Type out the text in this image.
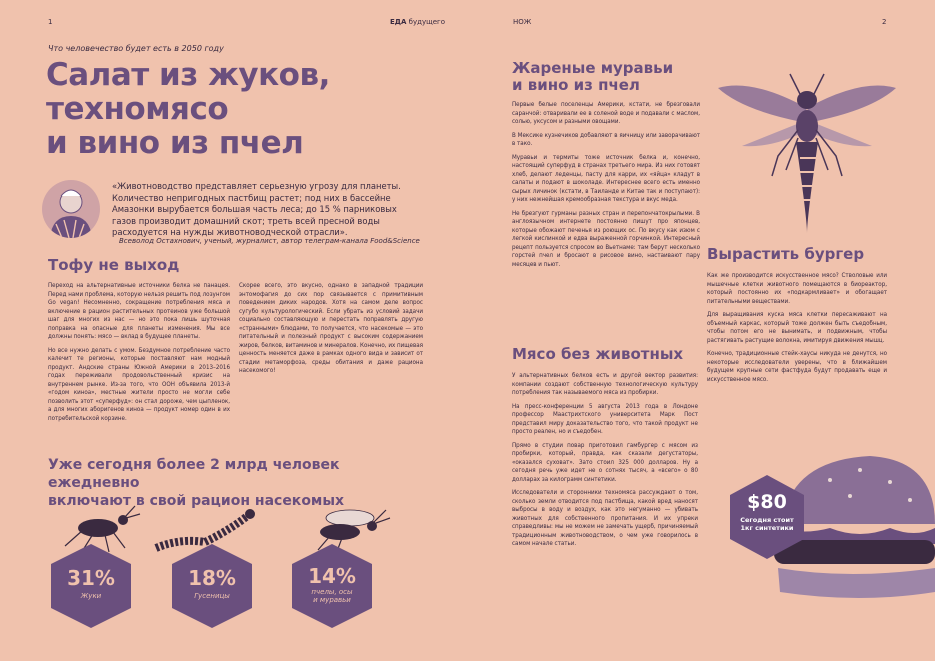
1	ЕДА будущего	НОЖ	2
Что человечество будет есть в 2050 году
Салат из жуков,
техномясо
и вино из пчел
«Животноводство представляет серьезную угрозу для планеты. Количество непригодных пастбищ растет; под них в бассейне Амазонки вырубается большая часть леса; до 15 % парниковых газов производит домашний скот; треть всей пресной воды расходуется на нужды животноводческой отрасли».
Всеволод Остахнович, ученый, журналист, автор телеграм-канала Food&Science
Тофу не выход

Переход на альтернативные источники белка не панацея. Перед нами проблема, которую нельзя решить под лозунгом Go vegan! Несомненно, сокращение потребления мяса и включение в рацион растительных протеинов уже большой шаг для многих из нас — но это пока лишь шуточная поправка на опасные для планеты изменения. Мы все должны понять: мясо — вклад в будущее планеты.

Но все нужно делать с умом. Бездумное потребление часто калечит те регионы, которые поставляют нам модный продукт. Андские страны Южной Америки в 2013–2016 годах переживали продовольственный кризис на внутреннем рынке. Из-за того, что ООН объявила 2013-й «годом киноа», местные жители просто не могли себе позволить этот «суперфуд»: он стал дороже, чем цыпленок, а для многих аборигенов киноа — продукт номер один в их потребительской корзине.

Скорее всего, это вкусно, однако в западной традиции энтомофагия до сих пор связывается с примитивным поведением диких народов. Хотя на самом деле вопрос сугубо культурологический. Если убрать из условий задачи социально составляющую и перестать поправлять другую «странными» блюдами, то получается, что насекомые — это питательный и полезный продукт с высоким содержанием жиров, белков, витаминов и минералов. Конечно, их пищевая ценность меняется даже в рамках одного вида и зависит от стадии метаморфоза, среды обитания и даже рациона насекомого!

Уже сегодня более 2 млрд человек ежедневно
включают в свой рацион насекомых
31%
Жуки
18%
Гусеницы
14%
пчелы, осы
и муравьи
Жареные муравьи
и вино из пчел

Первые белые поселенцы Америки, кстати, не брезговали саранчой: отваривали ее в соленой воде и подавали с маслом, солью, уксусом и разными овощами.

В Мексике кузнечиков добавляют в яичницу или заворачивают в тако.

Муравьи и термиты тоже источник белка и, конечно, настоящий суперфуд в странах третьего мира. Из них готовят хлеб, делают леденцы, пасту для карри, их «яйца» кладут в салаты и подают в шоколаде. Интереснее всего есть именно сырых личинок (кстати, в Таиланде и Китае так и поступают): у них нежнейшая кремообразная текстура и вкус меда.

Не брезгуют гурманы разных стран и перепончатокрылыми. В англоязычном интернете постоянно пишут про японцев, которые обожают печенья из роющих ос. По вкусу как изюм с легкой кислинкой и едва выраженной горчинкой. Интересный рецепт пользуется спросом во Вьетнаме: там берут несколько горстей пчел и бросают в рисовое вино, настаивают пару месяцев и пьют.

Вырастить бургер

Как же производится искусственное мясо? Стволовые или мышечные клетки животного помещаются в биореактор, который постоянно их «подкармливает» и обогащает питательными веществами.

Для выращивания куска мяса клетки пересаживают на объемный каркас, который тоже должен быть съедобным, чтобы потом его не вынимать, и подвижным, чтобы растягивать растущие волокна, имитируя движения мышц.

Конечно, традиционные стейк-хаусы никуда не денутся, но некоторые исследователи уверены, что в ближайшем будущем крупные сети фастфуда будут продавать еще и искусственное мясо.

Мясо без животных

У альтернативных белков есть и другой вектор развития: компании создают собственную технологическую культуру потребления так называемого мяса из пробирки.

На пресс-конференции 5 августа 2013 года в Лондоне профессор Маастрихтского университета Марк Пост представил миру доказательство того, что такой продукт не просто реален, но и съедобен.

Прямо в студии повар приготовил гамбургер с мясом из пробирки, который, правда, как сказали дегустаторы, «оказался суховат». Зато стоил 325 000 долларов. Ну а сегодня речь уже идет не о сотнях тысяч, а «всего» о 80 долларах за килограмм синтетики.

Исследователи и сторонники техномяса рассуждают о том, сколько земли отводится под пастбища, какой вред наносят выбросы в воду и воздух, как это негуманно — убивать животных для собственного пропитания. И их упреки справедливы: мы не можем не замечать ущерб, причиняемый традиционным животноводством, о чем уже говорилось в самом начале статьи.

$80
Сегодня стоит
1кг синтетики
